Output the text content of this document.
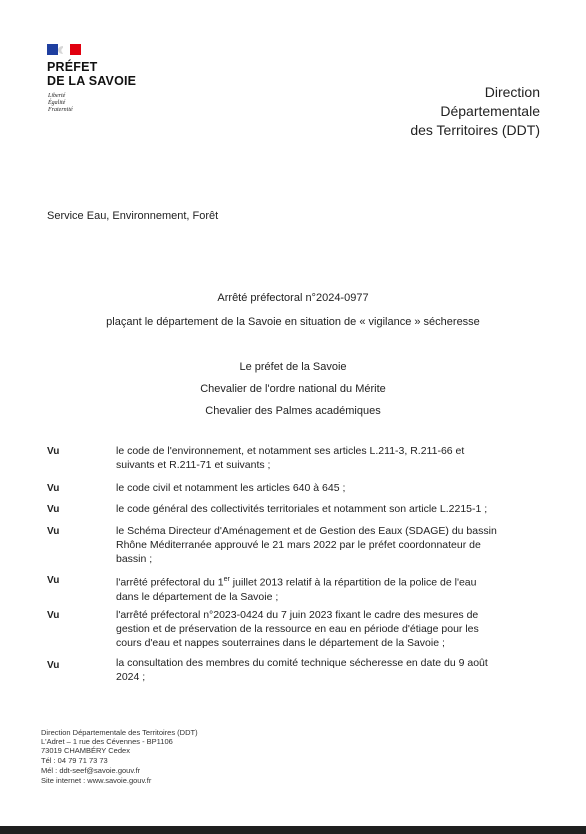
PRÉFET
DE LA SAVOIE
Liberté
Égalité
Fraternité
Direction
Départementale
des Territoires (DDT)
Service Eau, Environnement, Forêt
Arrêté préfectoral n°2024-0977
plaçant le département de la Savoie en situation de « vigilance » sécheresse
Le préfet de la Savoie
Chevalier de l'ordre national du Mérite
Chevalier des Palmes académiques
Vu	le code de l'environnement, et notamment ses articles L.211-3, R.211-66 et
suivants et R.211-71 et suivants ;
Vu	le code civil et notamment les articles 640 à 645 ;
Vu	le code général des collectivités territoriales et notamment son article L.2215-1 ;
Vu	le Schéma Directeur d'Aménagement et de Gestion des Eaux (SDAGE) du bassin
Rhône Méditerranée approuvé le 21 mars 2022 par le préfet coordonnateur de
bassin ;
Vu	l'arrêté préfectoral du 1er juillet 2013 relatif à la répartition de la police de l'eau
dans le département de la Savoie ;
Vu	l'arrêté préfectoral n°2023-0424 du 7 juin 2023 fixant le cadre des mesures de
gestion et de préservation de la ressource en eau en période d'étiage pour les
cours d'eau et nappes souterraines dans le département de la Savoie ;
Vu	la consultation des membres du comité technique sécheresse en date du 9 août
2024 ;
Direction Départementale des Territoires (DDT)
L'Adret – 1 rue des Cévennes - BP1106
73019 CHAMBÉRY Cedex
Tél : 04 79 71 73 73
Mél : ddt-seef@savoie.gouv.fr
Site internet : www.savoie.gouv.fr
